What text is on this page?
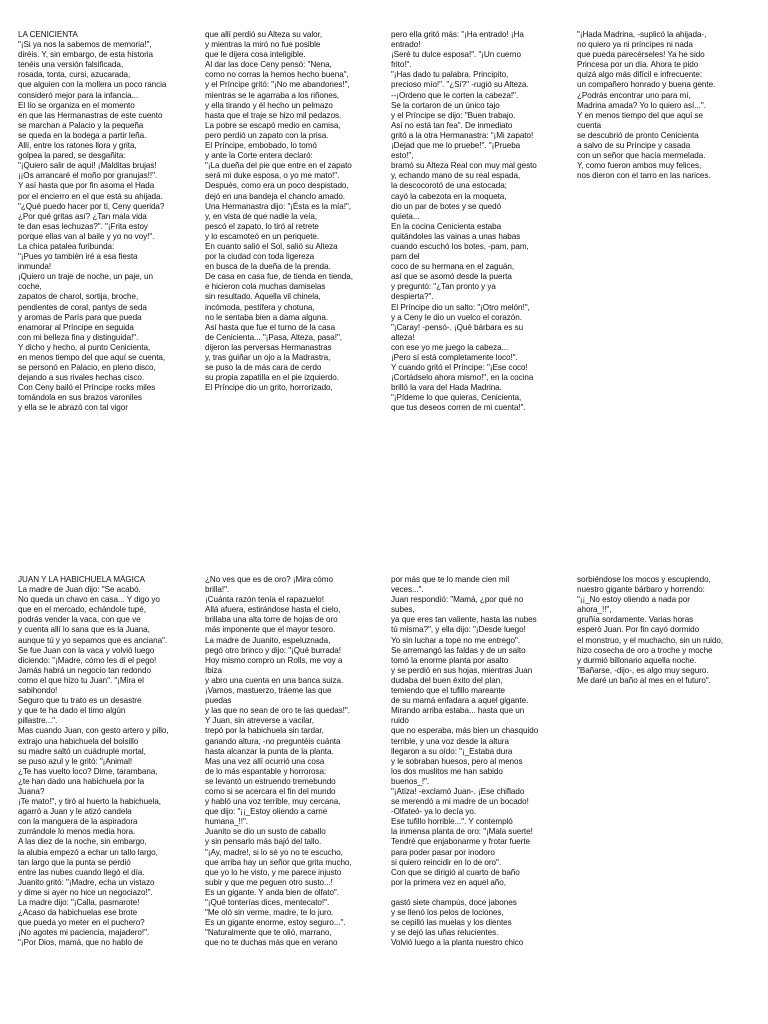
LA CENICIENTA

"¡Si ya nos la sabemos de memoria!",

diréis. Y, sin embargo, de esta historia

tenéis una versión falsificada,

rosada, tonta, cursi, azucarada,

que alguien con la mollera un poco rancia

consideró mejor para la infancia...

El lío se organiza en el momento

en que las Hermanastras de este cuento

se marchan a Palacio y la pequeña

se queda en la bodega a partir leña.

Allí, entre los ratones llora y grita,

golpea la pared, se desgañita:

"¡Quiero salir de aquí! ¡Malditas brujas!

¡¡Os arrancaré el moño por granujas!!".

Y así hasta que por fin asoma el Hada

por el encierro en el que está su ahijada.

"¿Qué puedo hacer por ti, Ceny querida?

¿Por qué gritas así? ¿Tan mala vida

te dan esas lechuzas?". "¡Frita estoy

porque ellas van al baile y yo no voy!".

La chica patalea furibunda:

"¡Pues yo también iré a esa fiesta

inmunda!

¡Quiero un traje de noche, un paje, un

coche,

zapatos de charol, sortija, broche,

pendientes de coral, pantys de seda

y aromas de París para que pueda

enamorar al Príncipe en seguida

con mi belleza fina y distinguida!".

Y dicho y hecho, al punto Cenicienta,

en menos tiempo del que aquí se cuenta,

se personó en Palacio, en pleno disco,

dejando a sus rivales hechas cisco.

Con Ceny bailó el Príncipe rocks miles

tomándola en sus brazos varoniles

y ella se le abrazó con tal vigor

que allí perdió su Alteza su valor,

y mientras la miró no fue posible

que le dijera cosa inteligible.

Al dar las doce Ceny pensó: "Nena,

como no corras la hemos hecho buena",

y el Príncipe gritó: "¡No me abandones!",

mientras se le agarraba a los riñones,

y ella tirando y él hecho un pelmazo

hasta que el traje se hizo mil pedazos.

La pobre se escapó medio en camisa,

pero perdió un zapato con la prisa.

El Príncipe, embobado, lo tomó

y ante la Corte entera declaró:

"¡La dueña del pie que entre en el zapato

será mi duke esposa, o yo me mato!".

Después, como era un poco despistado,

dejó en una bandeja el chanclo amado.

Una Hermanastra dijo: "¡Ésta es la mía!",

y, en vista de que nadie la veía,

pescó el zapato, lo tiró al retrete

y lo escamoteó en un periquete.

En cuanto salió el Sol, salió su Alteza

por la ciudad con toda ligereza

en busca de la dueña de la prenda.

De casa en casa fue, de tienda en tienda,

e hicieron cola muchas damiselas

sin resultado. Aquella vil chinela,

incómoda, pestífera y chotuna,

no le sentaba bien a dama alguna.

Así hasta que fue el turno de la casa

de Cenicienta... "¡Pasa, Alteza, pasa!",

dijeron las perversas Hermanastras

y, tras guiñar un ojo a la Madrastra,

se puso la de más cara de cerdo

su propia zapatilla en el pie izquierdo.

El Príncipe dio un grito, horrorizado,

pero ella gritó más: "¡Ha entrado! ¡Ha

entrado!

¡Seré tu dulce esposa!". "¡Un cuerno

frito!".

"¡Has dado tu palabra. Principito,

precioso mío!". "¿Sí?" -rugió su Alteza.

--¡Ordeno que le corten la cabeza!".

Se la cortaron de un único tajo

y el Príncipe se dijo: "Buen trabajo.

Así no está tan fea". De inmediato

gritó a la otra Hermanastra: "¡Mi zapato!

¡Dejad que me lo pruebe!". "¡Prueba

esto!",

bramó su Alteza Real con muy mal gesto

y, echando mano de su real espada,

la descocorotó de una estocada;

cayó la cabezota en la moqueta,

dio un par de botes y se quedó

quieta...

En la cocina Cenicienta estaba

quitándoles las vainas a unas habas

cuando escuchó los botes, -pam, pam,

pam del

coco de su hermana en el zaguán,

así que se asomó desde la puerta

y preguntó: "¿Tan pronto y ya

despierta?".

El Príncipe dio un salto: "¡Otro melón!",

y a Ceny le dio un vuelco el corazón.

"¡Caray! -pensó-. ¡Qué bárbara es su

alteza!

con ese yo me juego la cabeza...

¡Pero sí está completamente loco!".

Y cuando gritó el Príncipe: "¡Ese coco!

¡Cortádselo ahora mismo!", en la cocina

brilló la vara del Hada Madrina.

"¡Pídeme lo que quieras, Cenicienta,

que tus deseos corren de mi cuenta!".

"¡Hada Madrina, -suplicó la ahijada-,

no quiero ya ni príncipes ni nada

que pueda parecérseles! Ya he sido

Princesa por un día. Ahora te pido

quizá algo más difícil e infrecuente:

un compañero honrado y buena gente.

¿Podrás encontrar uno para mí,

Madrina amada? Yo lo quiero así...".

Y en menos tiempo del que aquí se

cuenta

se descubrió de pronto Cenicienta

a salvo de su Príncipe y casada

con un señor que hacía mermelada.

Y, como fueron ambos muy felices,

nos dieron con el tarro en las narices.

JUAN Y LA HABICHUELA MÁGICA

La madre de Juan dijo: "Se acabó.

No queda un chavo en casa... Y digo yo

que en el mercado, echándole tupé,

podrás vender la vaca, con que ve

y cuenta allí lo sana que es la Juana,

aunque tú y yo sepamos que es anciana".

Se fue Juan con la vaca y volvió luego

diciendo: "¡Madre, cómo les di el pego!

Jamás habrá un negocio tan redondo

como el que hizo tu Juan". "¡Mira el

sabihondo!

Seguro que tu trato es un desastre

y que te ha dado el timo algún

pillastre...".

Mas cuando Juan, con gesto artero y pillo,

extrajo una habichuela del bolsillo

su madre saltó un cuádruple mortal,

se puso azul y le gritó: "¡Animal!

¿Te has vuelto loco? Dime, tarambana,

¿te han dado una habichuela por la

Juana?

¡Te mato!", y tiró al huerto la habichuela,

agarró a Juan y le atizó candela

con la manguera de la aspiradora

zurrándole lo menos media hora.

A las diez de la noche, sin embargo,

la alubia empezó a echar un tallo largo,

tan largo que la punta se perdió

entre las nubes cuando llegó el día.

Juanito gritó: "¡Madre, echa un vistazo

y dime si ayer no hice un negociazo!".

La madre dijo: "¡Calla, pasmarote!

¿Acaso da habichuelas ese brote

que pueda yo meter en el puchero?

¡No agotes mi paciencia, majadero!".

"¡Por Dios, mamá, que no hablo de

¿No ves que es de oro? ¡Mira cómo

brilla!".

¡Cuánta razón tenía el rapazuelo!

Allá afuera, estirándose hasta el cielo,

brillaba una alta torre de hojas de oro

más imponente que el mayor tesoro.

La madre de Juanito, espeluznada,

pegó otro brinco y dijo: "¡Qué burrada!

Hoy mismo compro un Rolls, me voy a

Ibiza

y abro una cuenta en una banca suiza.

¡Vamos, mastuerzo, tráeme las que

puedas

y las que no sean de oro te las quedas!".

Y Juan, sin atreverse a vacilar,

trepó por la habichuela sin tardar,

ganando altura, -no preguntéis cuánta

hasta alcanzar la punta de la planta.

Mas una vez allí ocurrió una cosa

de lo más espantable y horrorosa:

se levantó un estruendo tremebundo

como si se acercara el fin del mundo

y habló una voz terrible, muy cercana,

que dijo: "¡¡_Estoy oliendo a carne

humana_!!".

Juanito se dio un susto de caballo

y sin pensarlo más bajó del tallo.

"¡Ay, madre!, si lo sé yo no te escucho,

que arriba hay un señor que grita mucho,

que yo lo he visto, y me parece injusto

subir y que me peguen otro susto...!

Es un gigante. Y anda bien de olfato".

"¡Qué tonterías dices, mentecato!".

"Me oló sin verme, madre, te lo juro.

Es un gigante enorme, estoy seguro...".

"Naturalmente que te olió, marrano,

que no te duchas más que en verano

por más que te lo mande cien mil

veces...".

Juan respondió: "Mamá, ¿por qué no

subes,

ya que eres tan valiente, hasta las nubes

tú misma?", y ella dijo: "¡Desde luego!

Yo sin luchar a tope no me entrego".

Se arremangó las faldas y de un salto

tomó la enorme planta por asalto

y se perdió en sus hojas, mientras Juan

dudaba del buen éxito del plan,

temiendo que el tufillo mareante

de su mamá enfadara a aquel gigante.

Mirando arriba estaba... hasta que un

ruido

que no esperaba, más bien un chasquido

terrible, y una voz desde la altura

llegaron a su oído: "¡_Estaba dura

y le sobraban huesos, pero al menos

los dos muslitos me han sabido

buenos_!".

"¡Atiza! -exclamó Juan-. ¡Ese chiflado

se merendó a mi madre de un bocado!

-Olfateó- ya lo decía yo.

Ese tufillo horrible...". Y contempló

la inmensa planta de oro: "¡Mala suerte!

Tendré que enjabonarme y frotar fuerte

para poder pasar por inodoro

si quiero reincidir en lo de oro".

Con que se dirigió al cuarto de baño

por la primera vez en aquel año,

gastó siete champús, doce jabones

y se llenó los pelos de lociones,

se cepilló las muelas y los dientes

y se dejó las uñas relucientes.

Volvió luego a la planta nuestro chico

sorbiéndose los mocos y escupiendo,

nuestro gigante bárbaro y horrendo:

"¡¡_No estoy oliendo a nada por

ahora_!!",

gruñía sordamente. Varias horas

esperó Juan. Por fin cayó dormido

el monstruo, y el muchacho, sin un ruido,

hizo cosecha de oro a troche y moche

y durmió billonario aquella noche.

"Bañarse, -dijo-, es algo muy seguro.

Me daré un baño al mes en el futuro".
